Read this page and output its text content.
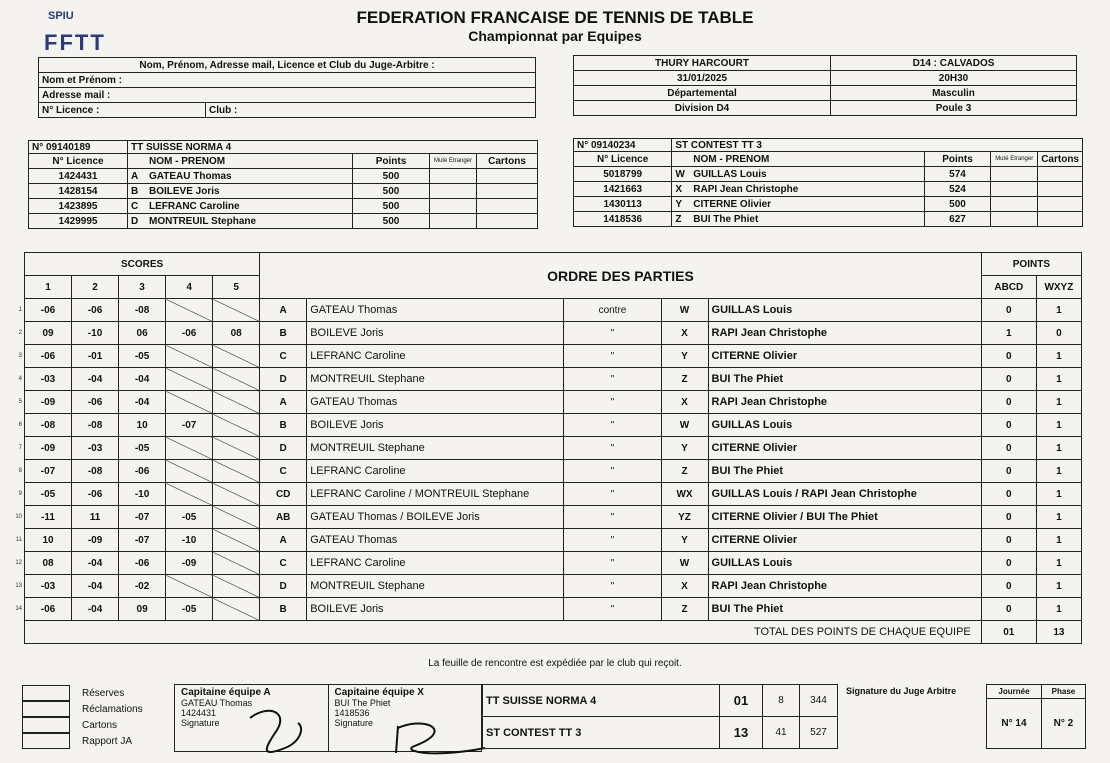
SPIU
FFTT
FEDERATION FRANCAISE DE TENNIS DE TABLE
Championnat par Equipes
Nom, Prénom, Adresse mail, Licence et Club du Juge-Arbitre :
Nom et Prénom :
Adresse mail :
N° Licence :	Club :
THURY HARCOURT	D14 : CALVADOS
31/01/2025	20H30
Départemental	Masculin
Division D4	Poule 3
N° 09140189	TT SUISSE NORMA 4				
N° Licence		NOM - PRENOM	Points	Muté Etranger	Cartons
1424431	A	GATEAU Thomas	500		
1428154	B	BOILEVE Joris	500		
1423895	C	LEFRANC Caroline	500		
1429995	D	MONTREUIL Stephane	500		
N° 09140234	ST CONTEST TT 3				
N° Licence		NOM - PRENOM	Points	Muté Etranger	Cartons
5018799	W	GUILLAS Louis	574		
1421663	X	RAPI Jean Christophe	524		
1430113	Y	CITERNE Olivier	500		
1418536	Z	BUI The Phiet	627		
	SCORES					ORDRE DES PARTIES						POINTS	
	1	2	3	4	5							ABCD	WXYZ
1	-06	-06	-08			A	GATEAU Thomas	contre	W	GUILLAS Louis		0	1
2	09	-10	06	-06	08	B	BOILEVE Joris	"	X	RAPI Jean Christophe		1	0
3	-06	-01	-05			C	LEFRANC Caroline	"	Y	CITERNE Olivier		0	1
4	-03	-04	-04			D	MONTREUIL Stephane	"	Z	BUI The Phiet		0	1
5	-09	-06	-04			A	GATEAU Thomas	"	X	RAPI Jean Christophe		0	1
6	-08	-08	10	-07		B	BOILEVE Joris	"	W	GUILLAS Louis		0	1
7	-09	-03	-05			D	MONTREUIL Stephane	"	Y	CITERNE Olivier		0	1
8	-07	-08	-06			C	LEFRANC Caroline	"	Z	BUI The Phiet		0	1
9	-05	-06	-10			CD	LEFRANC Caroline / MONTREUIL Stephane	"	WX	GUILLAS Louis / RAPI Jean Christophe		0	1
10	-11	11	-07	-05		AB	GATEAU Thomas / BOILEVE Joris	"	YZ	CITERNE Olivier / BUI The Phiet		0	1
11	10	-09	-07	-10		A	GATEAU Thomas	"	Y	CITERNE Olivier		0	1
12	08	-04	-06	-09		C	LEFRANC Caroline	"	W	GUILLAS Louis		0	1
13	-03	-04	-02			D	MONTREUIL Stephane	"	X	RAPI Jean Christophe		0	1
14	-06	-04	09	-05		B	BOILEVE Joris	"	Z	BUI The Phiet		0	1
	TOTAL DES POINTS DE CHAQUE EQUIPE											01	13
La feuille de rencontre est expédiée par le club qui reçoit.
Réserves
Réclamations
Cartons
Rapport JA
Capitaine équipe A
GATEAU Thomas
1424431
Signature
Capitaine équipe X
BUI The Phiet
1418536
Signature
TT SUISSE NORMA 4	01	8	344
ST CONTEST TT 3	13	41	527
Signature du Juge Arbitre	Journée	Phase
N° 14	N° 2
